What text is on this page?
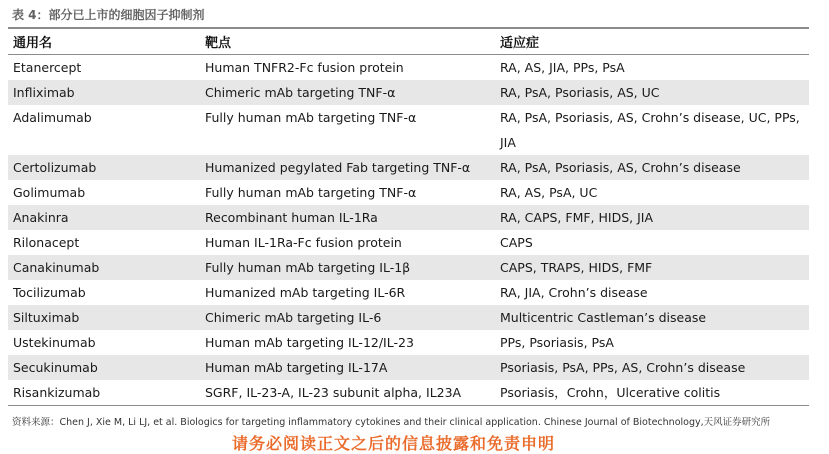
表 4：部分已上市的细胞因子抑制剂
通用名	靶点	适应症
Etanercept	Human TNFR2-Fc fusion protein	RA, AS, JIA, PPs, PsA
Infliximab	Chimeric mAb targeting TNF-α	RA, PsA, Psoriasis, AS, UC
Adalimumab	Fully human mAb targeting TNF-α	RA, PsA, Psoriasis, AS, Crohn’s disease, UC, PPs, JIA
Certolizumab	Humanized pegylated Fab targeting TNF-α	RA, PsA, Psoriasis, AS, Crohn’s disease
Golimumab	Fully human mAb targeting TNF-α	RA, AS, PsA, UC
Anakinra	Recombinant human IL-1Ra	RA, CAPS, FMF, HIDS, JIA
Rilonacept	Human IL-1Ra-Fc fusion protein	CAPS
Canakinumab	Fully human mAb targeting IL-1β	CAPS, TRAPS, HIDS, FMF
Tocilizumab	Humanized mAb targeting IL-6R	RA, JIA, Crohn’s disease
Siltuximab	Chimeric mAb targeting IL-6	Multicentric Castleman’s disease
Ustekinumab	Human mAb targeting IL-12/IL-23	PPs, Psoriasis, PsA
Secukinumab	Human mAb targeting IL-17A	Psoriasis, PsA, PPs, AS, Crohn’s disease
Risankizumab	SGRF, IL-23-A, IL-23 subunit alpha, IL23A	Psoriasis，Crohn，Ulcerative colitis
资料来源：Chen J, Xie M, Li LJ, et al. Biologics for targeting inflammatory cytokines and their clinical application. Chinese Journal of Biotechnology,天风证券研究所
请务必阅读正文之后的信息披露和免责申明
